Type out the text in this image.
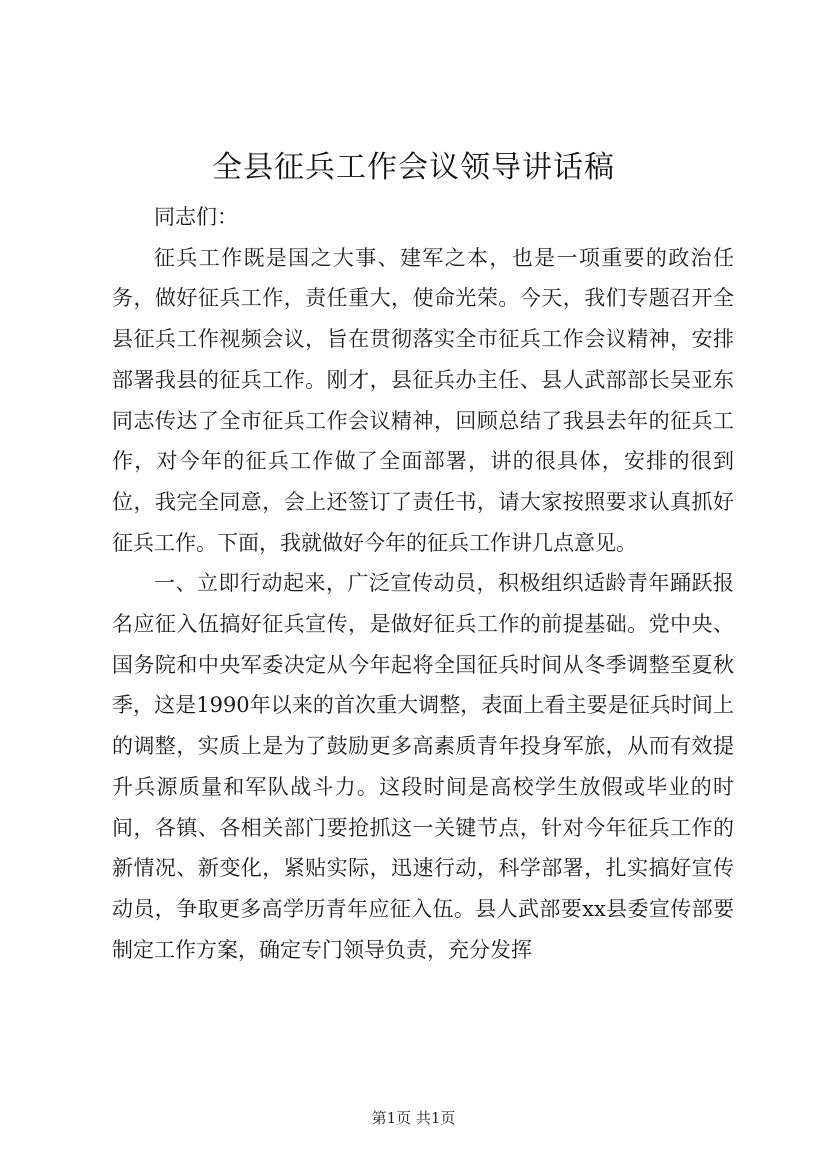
全县征兵工作会议领导讲话稿

同志们：

征兵工作既是国之大事、建军之本，也是一项重要的政治任务，做好征兵工作，责任重大，使命光荣。今天，我们专题召开全县征兵工作视频会议，旨在贯彻落实全市征兵工作会议精神，安排部署我县的征兵工作。刚才，县征兵办主任、县人武部部长吴亚东同志传达了全市征兵工作会议精神，回顾总结了我县去年的征兵工作，对今年的征兵工作做了全面部署，讲的很具体，安排的很到位，我完全同意，会上还签订了责任书，请大家按照要求认真抓好征兵工作。下面，我就做好今年的征兵工作讲几点意见。

一、立即行动起来，广泛宣传动员，积极组织适龄青年踊跃报名应征入伍搞好征兵宣传，是做好征兵工作的前提基础。党中央、国务院和中央军委决定从今年起将全国征兵时间从冬季调整至夏秋季，这是1990年以来的首次重大调整，表面上看主要是征兵时间上的调整，实质上是为了鼓励更多高素质青年投身军旅，从而有效提升兵源质量和军队战斗力。这段时间是高校学生放假或毕业的时间，各镇、各相关部门要抢抓这一关键节点，针对今年征兵工作的新情况、新变化，紧贴实际，迅速行动，科学部署，扎实搞好宣传动员，争取更多高学历青年应征入伍。县人武部要xx县委宣传部要制定工作方案，确定专门领导负责，充分发挥

第1页 共1页
